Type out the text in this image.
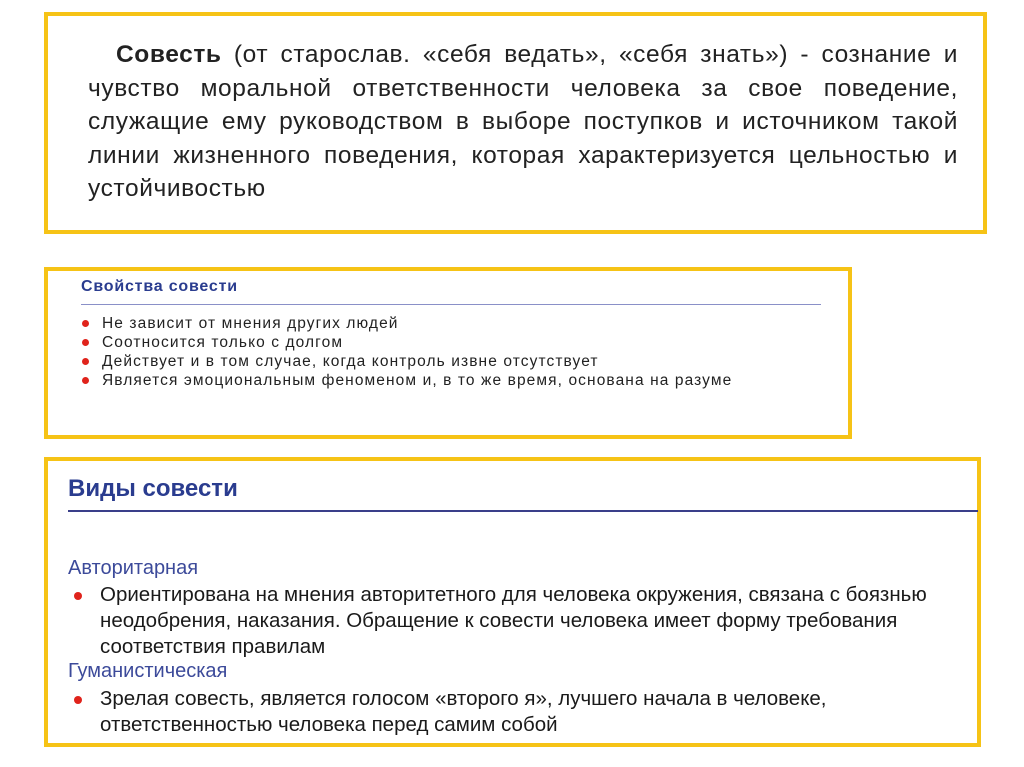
Совесть (от старослав. «себя ведать», «себя знать») - сознание и чувство моральной ответственности человека за свое поведение, служащие ему руководством в выборе поступков и источником такой линии жизненного поведения, которая характеризуется цельностью и устойчивостью
Свойства совести
Не зависит от мнения других людей
Соотносится только с долгом
Действует и в том случае, когда контроль извне отсутствует
Является эмоциональным феноменом и, в то же время, основана на разуме
Виды совести
Авторитарная
Ориентирована на мнения авторитетного для человека окружения, связана с боязнью неодобрения, наказания. Обращение к совести человека имеет форму требования соответствия правилам
Гуманистическая
Зрелая совесть, является голосом «второго я», лучшего начала в человеке, ответственностью человека перед самим собой
